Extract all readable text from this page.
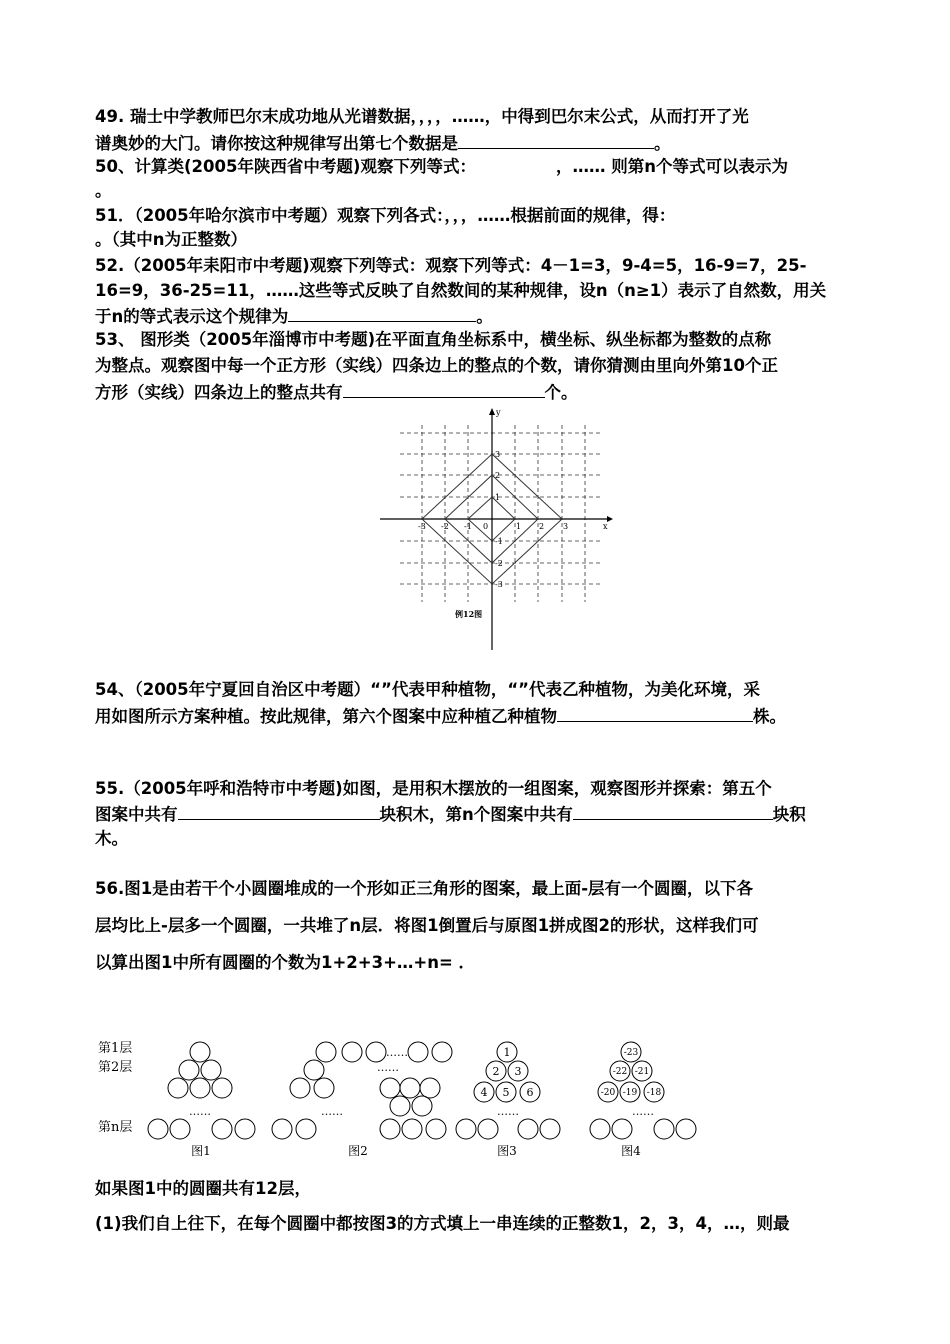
49. 瑞士中学教师巴尔末成功地从光谱数据，，，，……，中得到巴尔末公式，从而打开了光
谱奥妙的大门。请你按这种规律写出第七个数据是	。
50、计算类(2005年陕西省中考题)观察下列等式：	，…… 则第n个等式可以表示为
。
51．（2005年哈尔滨市中考题）观察下列各式：，，，……根据前面的规律，得：
。（其中n为正整数）
52.（2005年耒阳市中考题)观察下列等式：观察下列等式：4－1=3，9-4=5，16-9=7，25-
16=9，36-25=11，……这些等式反映了自然数间的某种规律，设n（n≥1）表示了自然数，用关
于n的等式表示这个规律为	。
53、 图形类（2005年淄博市中考题)在平面直角坐标系中，横坐标、纵坐标都为整数的点称
为整点。观察图中每一个正方形（实线）四条边上的整点的个数，请你猜测由里向外第10个正
方形（实线）四条边上的整点共有	个。
y
x
0
-3 -2 -1	1 2 3
3
2
1
-1
-2
-3
例12图
54、（2005年宁夏回自治区中考题）“”代表甲种植物，“”代表乙种植物，为美化环境，采
用如图所示方案种植。按此规律，第六个图案中应种植乙种植物	株。
55.（2005年呼和浩特市中考题)如图，是用积木摆放的一组图案，观察图形并探索：第五个
图案中共有	块积木，第n个图案中共有	块积
木。
56.图1是由若干个小圆圈堆成的一个形如正三角形的图案，最上面-层有一个圆圈，以下各
层均比上-层多一个圆圈，一共堆了n层．将图1倒置后与原图1拼成图2的形状，这样我们可
以算出图1中所有圆圈的个数为1+2+3+…+n= ．
第1层
第2层
第n层
……
……
……
……
……	……
1
2 3
4 5 6
-23
-22 -21
-20 -19 -18
图1	图2	图3	图4
如果图1中的圆圈共有12层，
(1)我们自上往下，在每个圆圈中都按图3的方式填上一串连续的正整数1，2，3，4，…，则最
